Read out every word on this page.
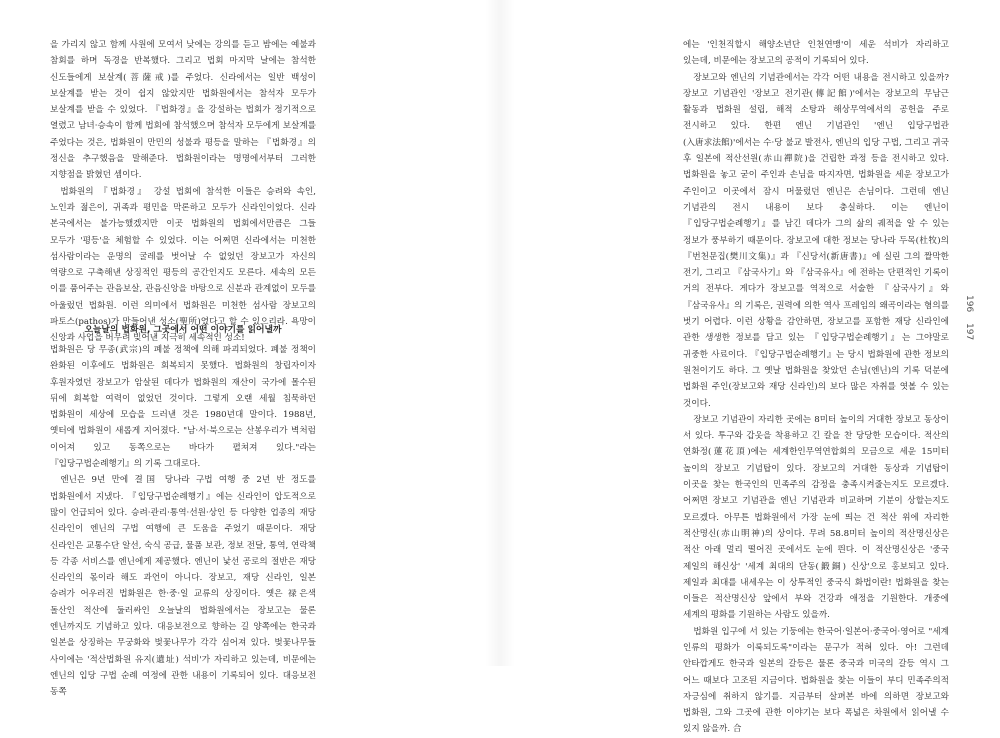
을 가리지 않고 함께 사원에 모여서 낮에는 강의를 듣고 밤에는 예불과 참회를 하며 독경을 반복했다. 그리고 법회 마지막 날에는 참석한 신도들에게 보살계(菩薩戒)를 주었다. 신라에서는 일반 백성이 보살계를 받는 것이 쉽지 않았지만 법화원에서는 참석자 모두가 보살계를 받을 수 있었다. 『법화경』을 강설하는 법회가 정기적으로 열렸고 남녀·승속이 함께 법회에 참석했으며 참석자 모두에게 보살계를 주었다는 것은, 법화원이 만민의 성불과 평등을 말하는 『법화경』의 정신을 추구했음을 말해준다. 법화원이라는 명명에서부터 그러한 지향점을 밝혔던 셈이다.

법화원의 『법화경』 강설 법회에 참석한 이들은 승려와 속인, 노인과 젊은이, 귀족과 평민을 막론하고 모두가 신라인이었다. 신라 본국에서는 불가능했겠지만 이곳 법화원의 법회에서만큼은 그들 모두가 '평등'을 체험할 수 있었다. 이는 어쩌면 신라에서는 미천한 섬사람이라는 운명의 굴레를 벗어날 수 없었던 장보고가 자신의 역량으로 구축해낸 상징적인 평등의 공간인지도 모른다. 세속의 모든 이를 품어주는 관음보살, 관음신앙을 바탕으로 신분과 관계없이 모두를 아울렀던 법화원. 이런 의미에서 법화원은 미천한 섬사람 장보고의 파토스(pathos)가 만들어낸 성소(聖所)였다고 할 수 있으리라. 욕망이 신앙과 사업을 버무려 빚어낸 지극히 세속적인 성소!

오늘날의 법화원, 그곳에서 어떤 이야기를 읽어낼까

법화원은 당 무종(武宗)의 폐불 정책에 의해 파괴되었다. 폐불 정책이 완화된 이후에도 법화원은 회복되지 못했다. 법화원의 창립자이자 후원자였던 장보고가 암살된 데다가 법화원의 재산이 국가에 몰수된 뒤에 회복할 여력이 없었던 것이다. 그렇게 오랜 세월 침묵하던 법화원이 세상에 모습을 드러낸 것은 1980년대 말이다. 1988년, 옛터에 법화원이 새롭게 지어졌다. "남·서·북으로는 산봉우리가 벽처럼 이어져 있고 동쪽으로는 바다가 펼쳐져 있다."라는 『입당구법순례행기』의 기록 그대로다.

엔닌은 9년 만에 결国 당나라 구법 여행 중 2년 반 정도를 법화원에서 지냈다. 『입당구법순례행기』에는 신라인이 압도적으로 많이 언급되어 있다. 승려·관리·통역·선원·상인 등 다양한 업종의 재당 신라인이 엔닌의 구법 여행에 큰 도움을 주었기 때문이다. 재당 신라인은 교통수단 알선, 숙식 공급, 물품 보관, 정보 전달, 통역, 연락책 등 각종 서비스를 엔닌에게 제공했다. 엔닌이 낯선 공로의 절반은 재당 신라인의 몫이라 해도 과언이 아니다. 장보고, 재당 신라인, 일본 승려가 어우러진 법화원은 한·중·일 교류의 상징이다. 옛은 禄은색 돌산인 적산에 둘러싸인 오늘날의 법화원에서는 장보고는 물론 엔닌까지도 기념하고 있다. 대응보전으로 향하는 길 양쪽에는 한국과 일본을 상징하는 무궁화와 벚꽃나무가 각각 심어져 있다. 벚꽃나무들 사이에는 '적산법화원 유지(遺址) 석비'가 자리하고 있는데, 비문에는 엔닌의 입당 구법 순례 여정에 관한 내용이 기록되어 있다. 대응보전 동쪽

에는 '인천직할시 해양소년단 인천연맹'이 세운 석비가 자리하고 있는데, 비문에는 장보고의 공적이 기록되어 있다.

장보고와 엔닌의 기념관에서는 각각 어떤 내용을 전시하고 있을까? 장보고 기념관인 '장보고 전기관(傳記館)'에서는 장보고의 무남근 활동과 법화원 설립, 해적 소탕과 해상무역에서의 공헌을 주로 전시하고 있다. 한편 엔닌 기념관인 '엔닌 입당구법관(入唐求法館)'에서는 수·당 불교 발전사, 엔닌의 입당 구법, 그리고 귀국 후 일본에 적산선원(赤山禪院)을 건립한 과정 등을 전시하고 있다. 법화원을 놓고 굳이 주인과 손님을 따지자면, 법화원을 세운 장보고가 주인이고 이곳에서 잠시 머물렀던 엔닌은 손님이다. 그런데 엔닌 기념관의 전시 내용이 보다 충실하다. 이는 엔닌이 『입당구법순례행기』를 남긴 데다가 그의 삶의 궤적을 알 수 있는 정보가 풍부하기 때문이다. 장보고에 대한 정보는 당나라 두목(杜牧)의 『번천문집(樊川文集)』과 『신당서(新唐書)』에 실린 그의 짤막한 전기, 그리고 『삼국사기』와 『삼국유사』에 전하는 단편적인 기록이 거의 전부다. 게다가 장보고를 역적으로 서술한 『삼국사기』와 『삼국유사』의 기록은, 권력에 의한 역사 프레임의 왜곡이라는 혐의를 벗기 어렵다. 이런 상황을 감안하면, 장보고를 포함한 재당 신라인에 관한 생생한 정보를 담고 있는 『입당구법순례행기』는 그야말로 귀중한 사료이다. 『입당구법순례행기』는 당시 법화원에 관한 정보의 원천이기도 하다. 그 옛날 법화원을 찾았던 손님(엔닌)의 기록 덕분에 법화원 주인(장보고와 재당 신라인)의 보다 많은 자취를 엿볼 수 있는 것이다.

장보고 기념관이 자리한 곳에는 8미터 높이의 거대한 장보고 동상이 서 있다. 투구와 갑옷을 착용하고 긴 칼을 찬 당당한 모습이다. 적산의 연화정(蓮花頂)에는 세계한인무역연합회의 모금으로 세운 15미터 높이의 장보고 기념탑이 있다. 장보고의 거대한 동상과 기념탑이 이곳을 찾는 한국인의 민족주의 감정을 충족시켜줄는지도 모르겠다. 어쩌면 장보고 기념관을 엔닌 기념관과 비교하며 기분이 상할는지도 모르겠다. 아무튼 법화원에서 가장 눈에 띄는 건 적산 위에 자리한 적산명신(赤山明神)의 상이다. 무려 58.8미터 높이의 적산명신상은 적산 아래 멀리 떨어진 곳에서도 눈에 띈다. 이 적산명신상은 '중국 제일의 해신상' '세계 최대의 단동(鍛銅) 신상'으로 홍보되고 있다. 제일과 최대를 내세우는 이 상투적인 중국식 화법이란! 법화원을 찾는 이들은 적산명신상 앞에서 부와 건강과 애정을 기원한다. 개중에 세계의 평화를 기원하는 사람도 있을까.

법화원 입구에 서 있는 기둥에는 한국어·일본어·중국어·영어로 "세계 인류의 평화가 이룩되도록"이라는 문구가 적혀 있다. 아! 그런데 안타깝게도 한국과 일본의 갈등은 물론 중국과 미국의 갈등 역시 그 어느 때보다 고조된 지금이다. 법화원을 찾는 이들이 부디 민족주의적 자긍심에 취하지 않기를. 지금부터 살펴본 바에 의하면 장보고와 법화원, 그와 그곳에 관한 이야기는 보다 폭넓은 차원에서 읽어낼 수 있지 않을까. 合

196 197
